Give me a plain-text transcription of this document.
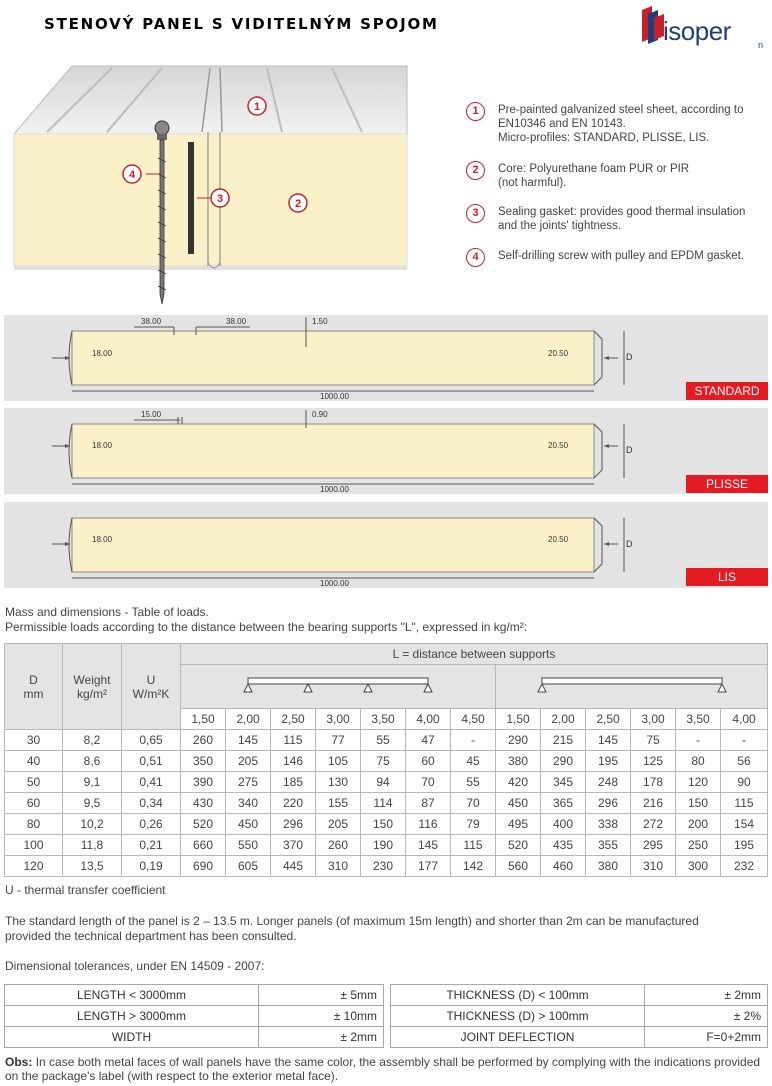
STENOVÝ PANEL S VIDITELNÝM SPOJOM	isoper	n
1
2
3
4
1	Pre-painted galvanized steel sheet, according to
EN10346 and EN 10143.
Micro-profiles: STANDARD, PLISSE, LIS.
2	Core: Polyurethane foam PUR or PIR
(not harmful).
3	Sealing gasket: provides good thermal insulation
and the joints' tightness.
4	Self-drilling screw with pulley and EPDM gasket.
38.00	38.00	1.50
18.00	20.50	D
1000.00	STANDARD
15.00	0.90
18.00	20.50	D
1000.00	PLISSE
18.00	20.50	D
1000.00	LIS
Mass and dimensions - Table of loads.
Permissible loads according to the distance between the bearing supports "L", expressed in kg/m²:
D
mm	Weight
kg/m²	U
W/m²K	L = distance between supports												

			1,50	2,00	2,50	3,00	3,50	4,00	4,50	1,50	2,00	2,50	3,00	3,50	4,00
30	8,2	0,65	260	145	115	77	55	47	-	290	215	145	75	-	-
40	8,6	0,51	350	205	146	105	75	60	45	380	290	195	125	80	56
50	9,1	0,41	390	275	185	130	94	70	55	420	345	248	178	120	90
60	9,5	0,34	430	340	220	155	114	87	70	450	365	296	216	150	115
80	10,2	0,26	520	450	296	205	150	116	79	495	400	338	272	200	154
100	11,8	0,21	660	550	370	260	190	145	115	520	435	355	295	250	195
120	13,5	0,19	690	605	445	310	230	177	142	560	460	380	310	300	232
U - thermal transfer coefficient
The standard length of the panel is 2 – 13.5 m. Longer panels (of maximum 15m length) and shorter than 2m can be manufactured
provided the technical department has been consulted.
Dimensional tolerances, under EN 14509 - 2007:
LENGTH < 3000mm	± 5mm
LENGTH > 3000mm	± 10mm
WIDTH	± 2mm
THICKNESS (D) < 100mm	± 2mm
THICKNESS (D) > 100mm	± 2%
JOINT DEFLECTION	F=0+2mm
Obs: In case both metal faces of wall panels have the same color, the assembly shall be performed by complying with the indications provided on the package's label (with respect to the exterior metal face).
